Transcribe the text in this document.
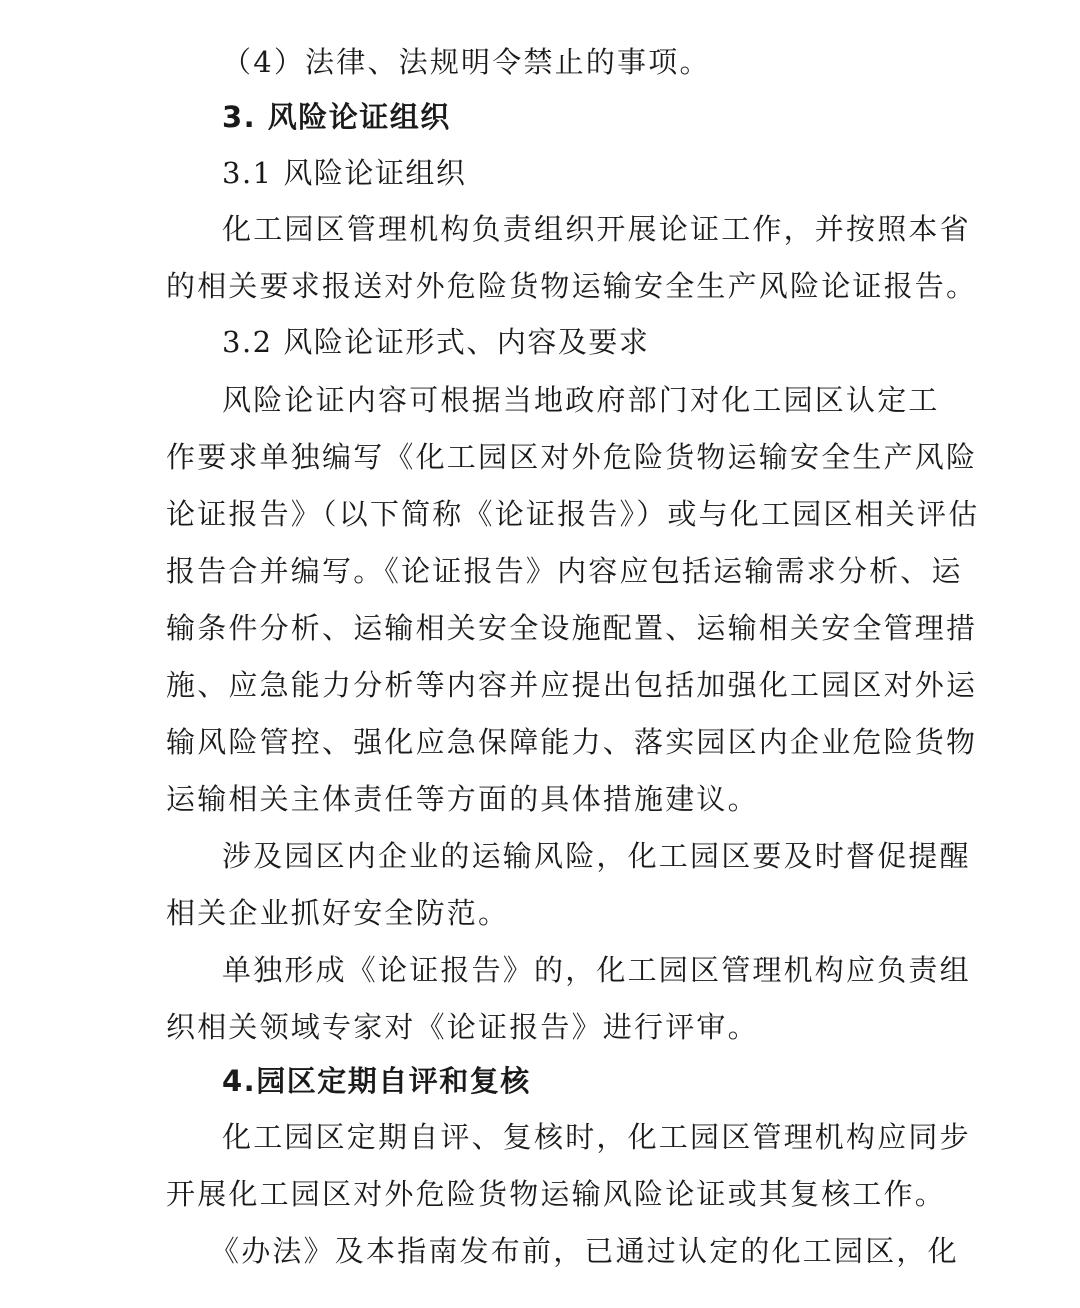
（4）法律、法规明令禁止的事项。
3. 风险论证组织
3.1 风险论证组织
化工园区管理机构负责组织开展论证工作，并按照本省
的相关要求报送对外危险货物运输安全生产风险论证报告。
3.2 风险论证形式、内容及要求
风险论证内容可根据当地政府部门对化工园区认定工
作要求单独编写《化工园区对外危险货物运输安全生产风险
论证报告》（以下简称《论证报告》）或与化工园区相关评估
报告合并编写。《论证报告》内容应包括运输需求分析、运
输条件分析、运输相关安全设施配置、运输相关安全管理措
施、应急能力分析等内容并应提出包括加强化工园区对外运
输风险管控、强化应急保障能力、落实园区内企业危险货物
运输相关主体责任等方面的具体措施建议。
涉及园区内企业的运输风险，化工园区要及时督促提醒
相关企业抓好安全防范。
单独形成《论证报告》的，化工园区管理机构应负责组
织相关领域专家对《论证报告》进行评审。
4.园区定期自评和复核
化工园区定期自评、复核时，化工园区管理机构应同步
开展化工园区对外危险货物运输风险论证或其复核工作。
《办法》及本指南发布前，已通过认定的化工园区，化
